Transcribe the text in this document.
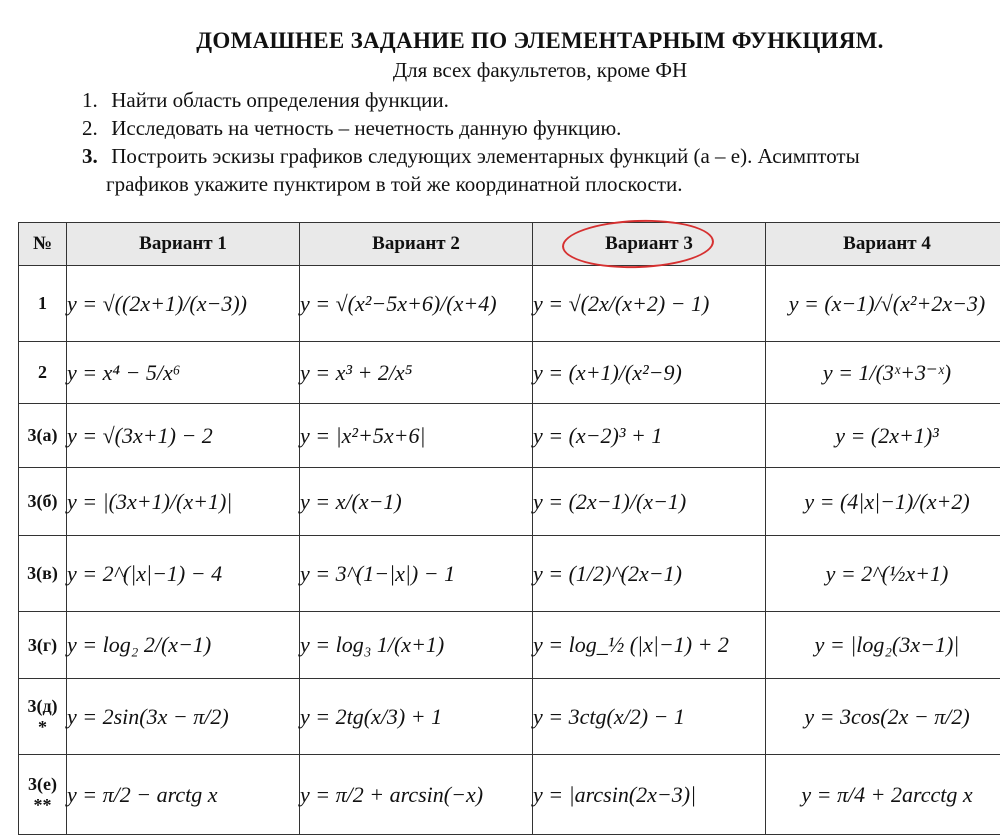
ДОМАШНЕЕ ЗАДАНИЕ ПО ЭЛЕМЕНТАРНЫМ ФУНКЦИЯМ.
Для всех факультетов, кроме ФН
1. Найти область определения функции.
2. Исследовать на четность – нечетность данную функцию.
3. Построить эскизы графиков следующих элементарных функций (а – е). Асимптоты
графиков укажите пунктиром в той же координатной плоскости.
№	Вариант 1	Вариант 2	Вариант 3	Вариант 4
1	y = √((2x+1)/(x−3))	y = √(x²−5x+6)/(x+4)	y = √(2x/(x+2) − 1)	y = (x−1)/√(x²+2x−3)
2	y = x⁴ − 5/x⁶	y = x³ + 2/x⁵	y = (x+1)/(x²−9)	y = 1/(3ˣ+3⁻ˣ)
3(а)	y = √(3x+1) − 2	y = |x²+5x+6|	y = (x−2)³ + 1	y = (2x+1)³
3(б)	y = |(3x+1)/(x+1)|	y = x/(x−1)	y = (2x−1)/(x−1)	y = (4|x|−1)/(x+2)
3(в)	y = 2^(|x|−1) − 4	y = 3^(1−|x|) − 1	y = (1/2)^(2x−1)	y = 2^(½x+1)
3(г)	y = log₂ 2/(x−1)	y = log₃ 1/(x+1)	y = log_½ (|x|−1) + 2	y = |log₂(3x−1)|
3(д)
*	y = 2sin(3x − π/2)	y = 2tg(x/3) + 1	y = 3ctg(x/2) − 1	y = 3cos(2x − π/2)
3(е)
**	y = π/2 − arctg x	y = π/2 + arcsin(−x)	y = |arcsin(2x−3)|	y = π/4 + 2arcctg x
